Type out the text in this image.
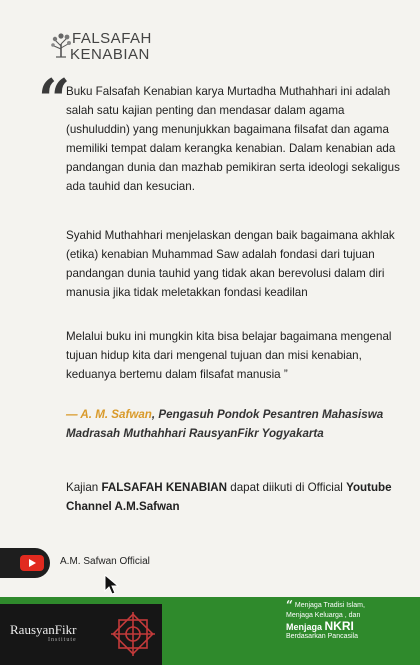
FALSAFAH
KENABIAN
“

Buku Falsafah Kenabian karya Murtadha Muthahhari ini adalah salah satu kajian penting dan mendasar dalam agama (ushuluddin) yang menunjukkan bagaimana filsafat dan agama memiliki tempat dalam kerangka kenabian. Dalam kenabian ada pandangan dunia dan mazhab pemikiran serta ideologi sekaligus ada tauhid dan kesucian.

Syahid Muthahhari menjelaskan dengan baik bagaimana akhlak (etika) kenabian Muhammad Saw adalah fondasi dari tujuan pandangan dunia tauhid yang tidak akan berevolusi dalam diri manusia jika tidak meletakkan fondasi keadilan

Melalui buku ini mungkin kita bisa belajar bagaimana mengenal tujuan hidup kita dari mengenal tujuan dan misi kenabian, keduanya bertemu dalam filsafat manusia ”

— A. M. Safwan, Pengasuh Pondok Pesantren Mahasiswa Madrasah Muthahhari RausyanFikr Yogyakarta
Kajian FALSAFAH KENABIAN dapat diikuti di Official Youtube Channel A.M.Safwan
A.M. Safwan Official
RausyanFikr
Institute
“ Menjaga Tradisi Islam,
Menjaga Keluarga , dan
Menjaga NKRI
Berdasarkan Pancasila
